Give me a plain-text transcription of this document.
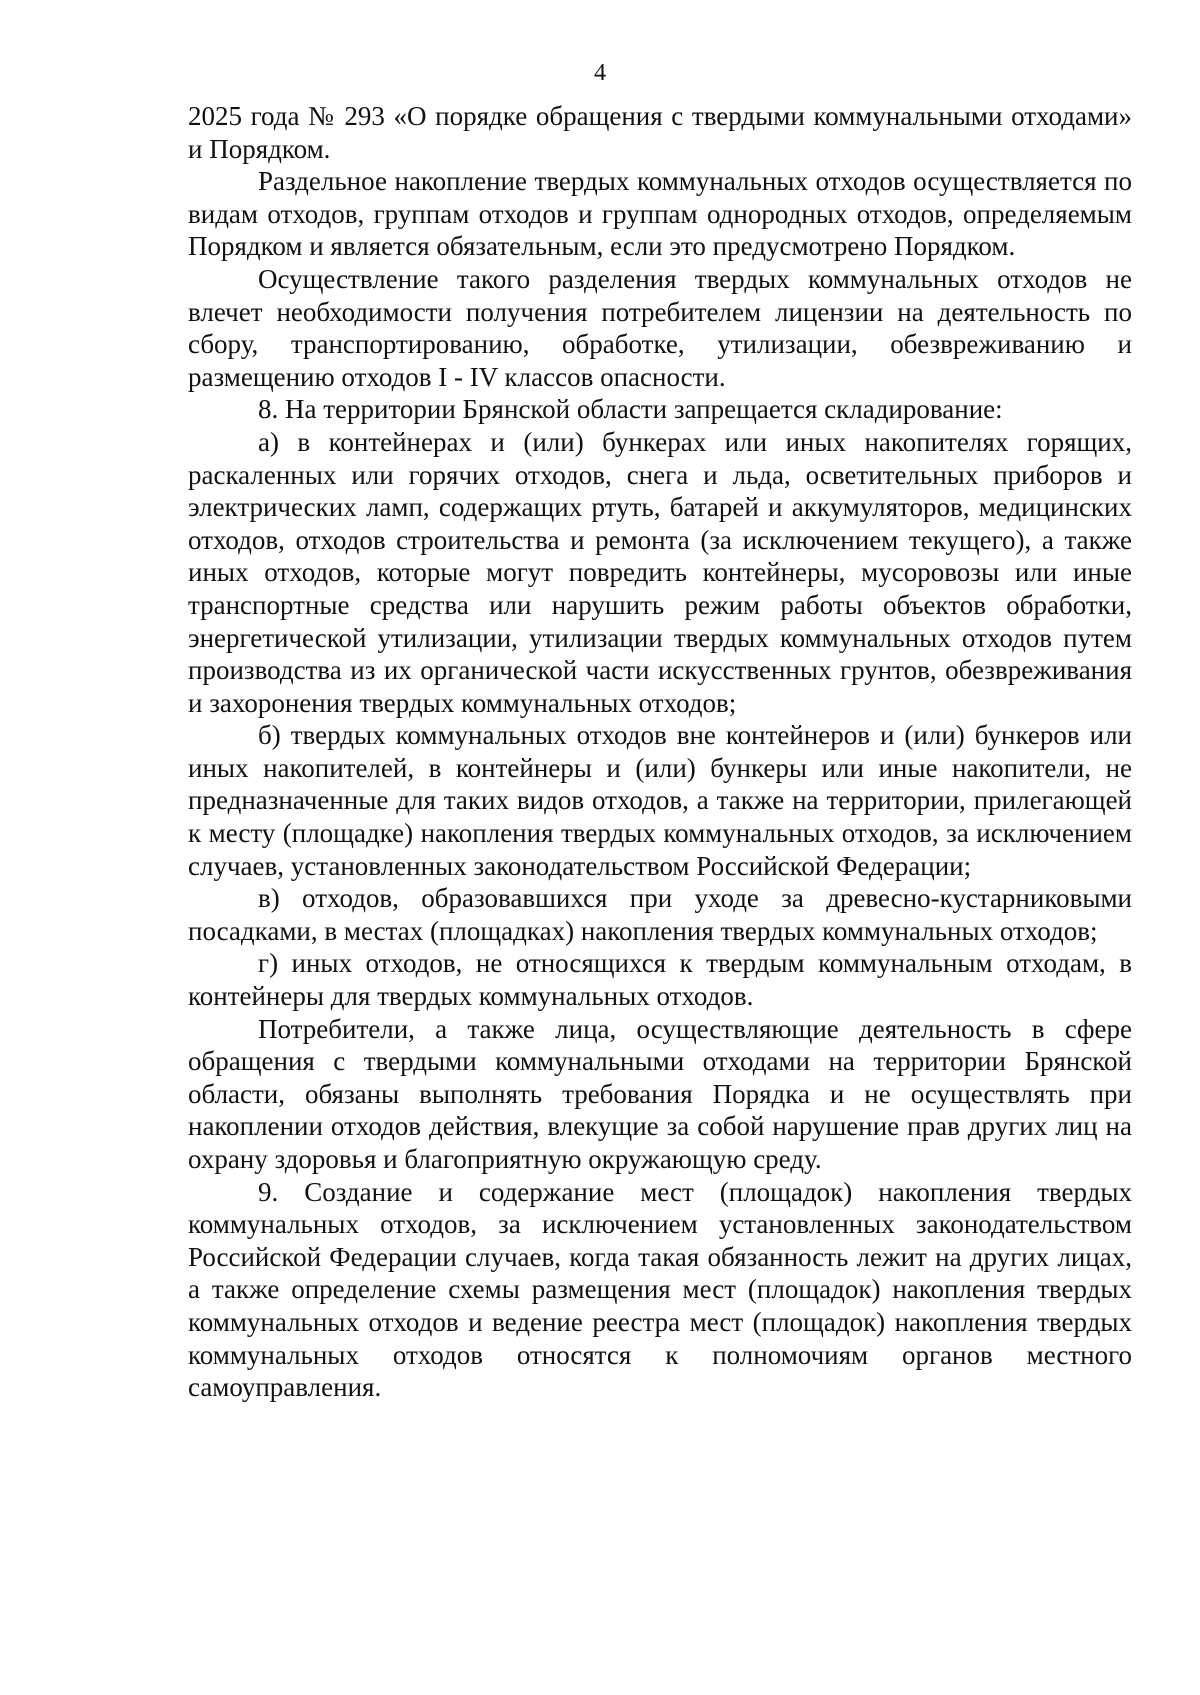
4

2025 года № 293 «О порядке обращения с твердыми коммунальными отходами» и Порядком.

Раздельное накопление твердых коммунальных отходов осуществляется по видам отходов, группам отходов и группам однородных отходов, определяемым Порядком и является обязательным, если это предусмотрено Порядком.

Осуществление такого разделения твердых коммунальных отходов не влечет необходимости получения потребителем лицензии на деятельность по сбору, транспортированию, обработке, утилизации, обезвреживанию и размещению отходов I - IV классов опасности.

8. На территории Брянской области запрещается складирование:

а) в контейнерах и (или) бункерах или иных накопителях горящих, раскаленных или горячих отходов, снега и льда, осветительных приборов и электрических ламп, содержащих ртуть, батарей и аккумуляторов, медицинских отходов, отходов строительства и ремонта (за исключением текущего), а также иных отходов, которые могут повредить контейнеры, мусоровозы или иные транспортные средства или нарушить режим работы объектов обработки, энергетической утилизации, утилизации твердых коммунальных отходов путем производства из их органической части искусственных грунтов, обезвреживания и захоронения твердых коммунальных отходов;

б) твердых коммунальных отходов вне контейнеров и (или) бункеров или иных накопителей, в контейнеры и (или) бункеры или иные накопители, не предназначенные для таких видов отходов, а также на территории, прилегающей к месту (площадке) накопления твердых коммунальных отходов, за исключением случаев, установленных законодательством Российской Федерации;

в) отходов, образовавшихся при уходе за древесно-кустарниковыми посадками, в местах (площадках) накопления твердых коммунальных отходов;

г) иных отходов, не относящихся к твердым коммунальным отходам, в контейнеры для твердых коммунальных отходов.

Потребители, а также лица, осуществляющие деятельность в сфере обращения с твердыми коммунальными отходами на территории Брянской области, обязаны выполнять требования Порядка и не осуществлять при накоплении отходов действия, влекущие за собой нарушение прав других лиц на охрану здоровья и благоприятную окружающую среду.

9. Создание и содержание мест (площадок) накопления твердых коммунальных отходов, за исключением установленных законодательством Российской Федерации случаев, когда такая обязанность лежит на других лицах, а также определение схемы размещения мест (площадок) накопления твердых коммунальных отходов и ведение реестра мест (площадок) накопления твердых коммунальных отходов относятся к полномочиям органов местного самоуправления.
